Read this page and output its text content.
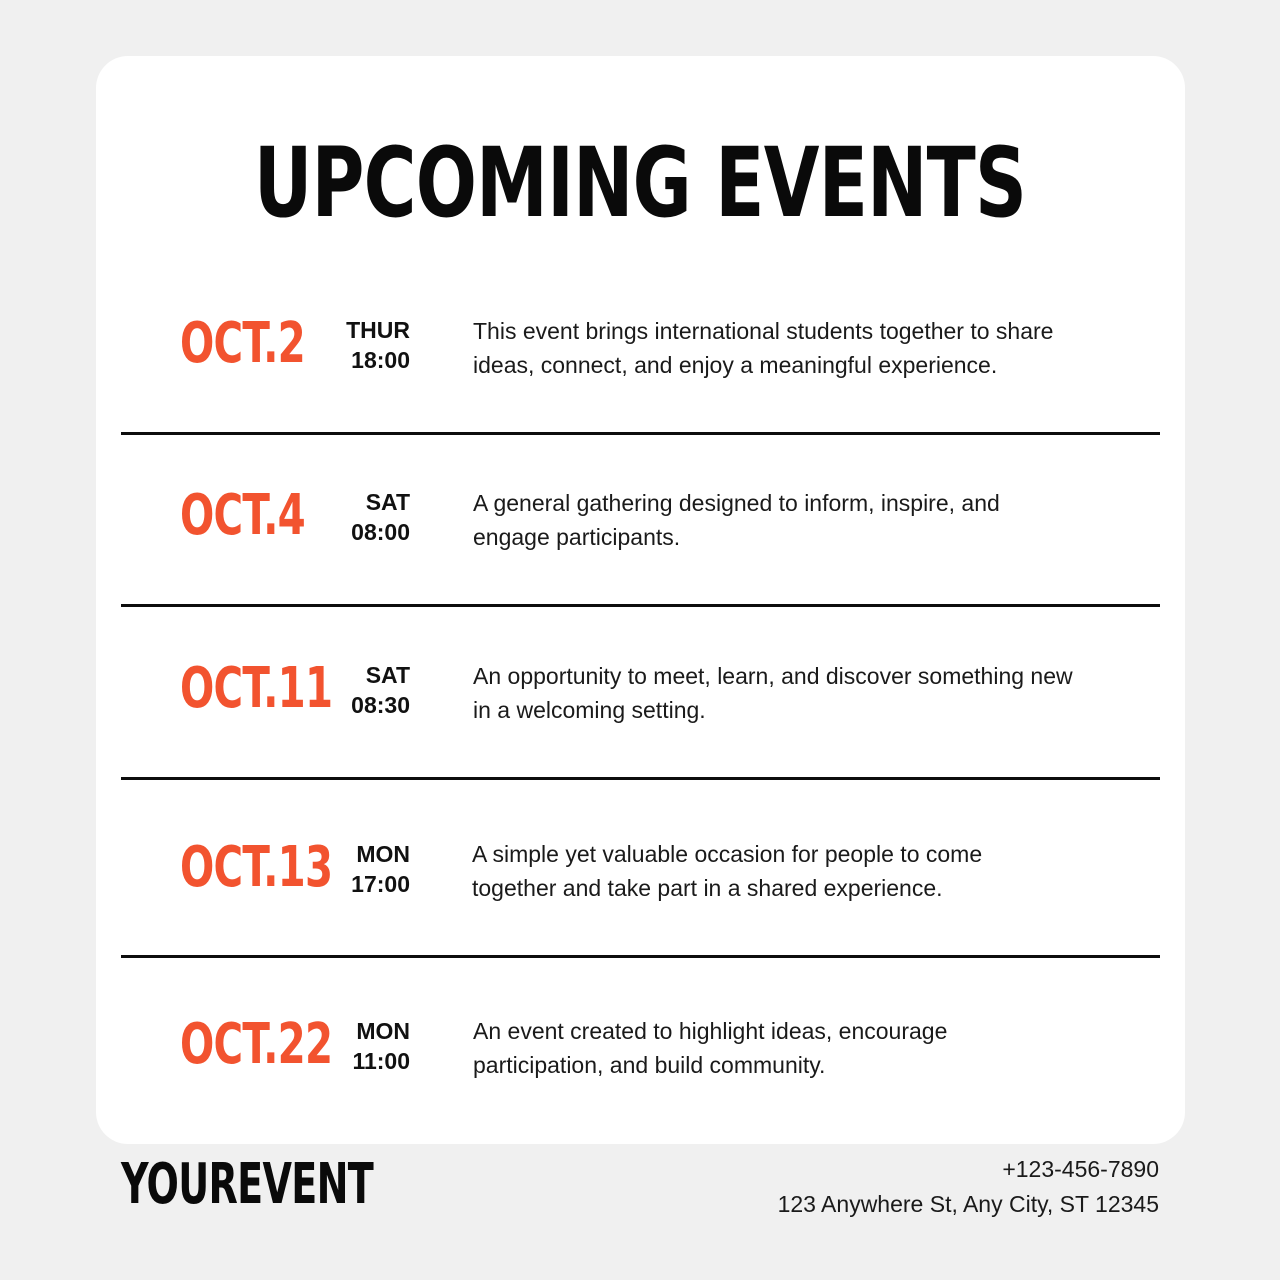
UPCOMING EVENTS
OCT.2	THUR
18:00

This event brings international students together to share ideas, connect, and enjoy a meaningful experience.

OCT.4	SAT
08:00

A general gathering designed to inform, inspire, and engage participants.

OCT.11	SAT
08:30

An opportunity to meet, learn, and discover something new in a welcoming setting.

OCT.13	MON
17:00

A simple yet valuable occasion for people to come together and take part in a shared experience.

OCT.22	MON
11:00

An event created to highlight ideas, encourage participation, and build community.

YOUREVENT	+123-456-7890
123 Anywhere St, Any City, ST 12345
